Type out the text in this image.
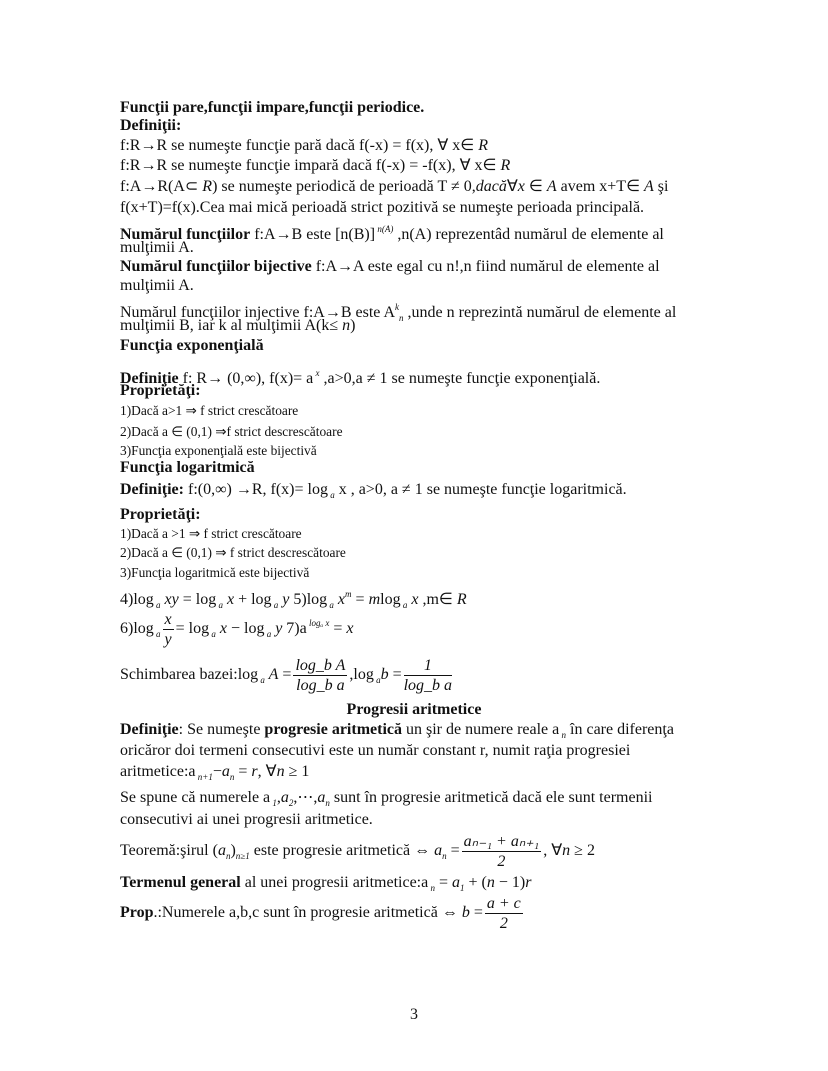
Funcţii pare,funcţii impare,funcţii periodice.
Definiţii:
f:R→R se numeşte funcţie pară dacă f(-x) = f(x), ∀ x∈ R
f:R→R se numeşte funcţie impară dacă f(-x) = -f(x), ∀ x∈ R
f:A→R(A⊂ R) se numeşte periodică de perioadă T ≠ 0,dacă∀x ∈ A avem x+T∈ A şi
f(x+T)=f(x).Cea mai mică perioadă strict pozitivă se numeşte perioada principală.
Numărul funcţiilor f:A→B este [n(B)] $^{n(A)}$ ,n(A) reprezentâd numărul de elemente al
mulţimii A.
Numărul funcţiilor bijective f:A→A este egal cu n!,n fiind numărul de elemente al
mulţimii A.
Numărul funcţiilor injective f:A→B este $A^k_n$ ,unde n reprezintă numărul de elemente al
mulţimii B, iar k al mulţimii A(k≤ n)
Funcţia exponenţială
Definiţie f: R→ (0,∞), f(x)= a $^x$ ,a>0,a ≠ 1 se numeşte funcţie exponenţială.
Proprietăţi:
1)Dacă a>1 ⇒ f strict crescătoare
2)Dacă a ∈ (0,1) ⇒f strict descrescătoare
3)Funcţia exponenţială este bijectivă
Funcţia logaritmică
Definiţie: f:(0,∞) →R, f(x)= log $_a$ x , a>0, a ≠ 1 se numeşte funcţie logaritmică.
Proprietăţi:
1)Dacă a >1 ⇒ f strict crescătoare
2)Dacă a ∈ (0,1) ⇒ f strict descrescătoare
3)Funcţia logaritmică este bijectivă
4)log $_a$ xy = log $_a$ x + log $_a$ y 5)log $_a$ $x^m = mlog$ $_a$ x ,m∈ R
6)log $_a \frac{x}{y} = \log _a$ x − log $_a$ y 7)a $^{log_a x}$ = x
Schimbarea bazei:log $_a$ $A = \frac{\text{log\_b A}}{\text{log\_b a}} ,\log$ $_ab = \frac{1}{\text{log\_b a}}$
Progresii aritmetice
Definiţie: Se numeşte progresie aritmetică un şir de numere reale a $_n$ în care diferenţa
oricăror doi termeni consecutivi este un număr constant r, numit raţia progresiei
aritmetice:a $_{n+1}-a_n = r$, ∀n ≥ 1
Se spune că numerele a $_1,a_2,\cdots,a_n$ sunt în progresie aritmetică dacă ele sunt termenii
consecutivi ai unei progresii aritmetice.
Teoremă:şirul $(a_n)_{n\ge 1}$ este progresie aritmetică ⇔ $a_n = \frac{\text{aₙ₋₁ + aₙ₊₁}}{2}$ , ∀n ≥ 2
Termenul general al unei progresii aritmetice:a $_n = a_1 + (n - 1)r$
Prop.:Numerele a,b,c sunt în progresie aritmetică ⇔ $b = \frac{a + c}{2}$
3
